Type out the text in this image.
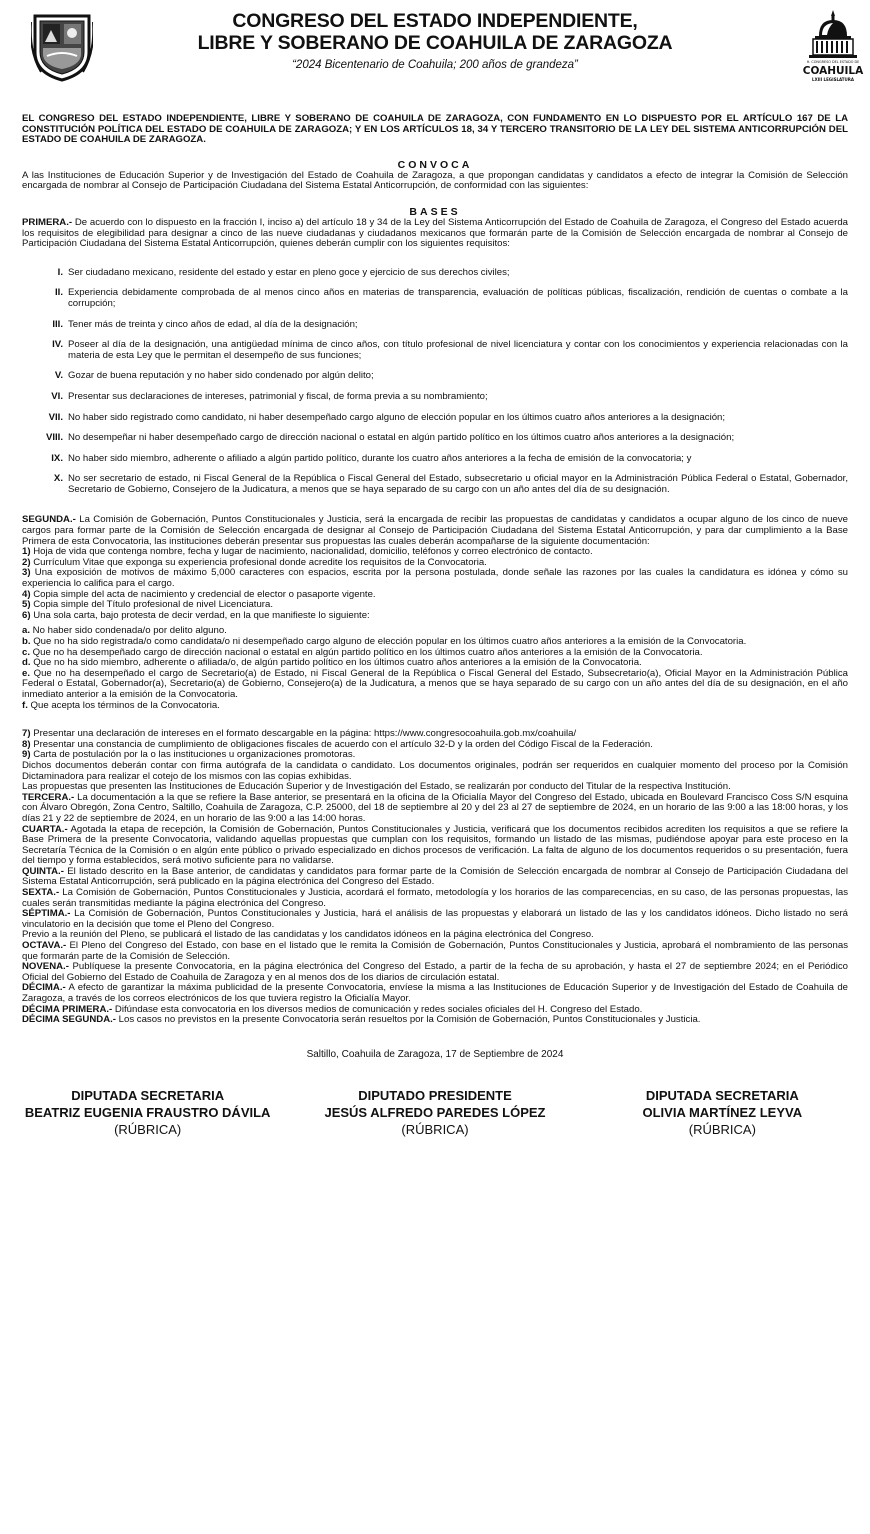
CONGRESO DEL ESTADO INDEPENDIENTE,
LIBRE Y SOBERANO DE COAHUILA DE ZARAGOZA
“2024 Bicentenario de Coahuila; 200 años de grandeza”	H. CONGRESO DEL ESTADO DE
COAHUILA
LXIII LEGISLATURA
EL CONGRESO DEL ESTADO INDEPENDIENTE, LIBRE Y SOBERANO DE COAHUILA DE ZARAGOZA, CON FUNDAMENTO EN LO DISPUESTO POR EL ARTÍCULO 167 DE LA CONSTITUCIÓN POLÍTICA DEL ESTADO DE COAHUILA DE ZARAGOZA; Y EN LOS ARTÍCULOS 18, 34 Y TERCERO TRANSITORIO DE LA LEY DEL SISTEMA ANTICORRUPCIÓN DEL ESTADO DE COAHUILA DE ZARAGOZA.
CONVOCA

A las Instituciones de Educación Superior y de Investigación del Estado de Coahuila de Zaragoza, a que propongan candidatas y candidatos a efecto de integrar la Comisión de Selección encargada de nombrar al Consejo de Participación Ciudadana del Sistema Estatal Anticorrupción, de conformidad con las siguientes:

BASES

PRIMERA.- De acuerdo con lo dispuesto en la fracción I, inciso a) del artículo 18 y 34 de la Ley del Sistema Anticorrupción del Estado de Coahuila de Zaragoza, el Congreso del Estado acuerda los requisitos de elegibilidad para designar a cinco de las nueve ciudadanas y ciudadanos mexicanos que formarán parte de la Comisión de Selección encargada de nombrar al Consejo de Participación Ciudadana del Sistema Estatal Anticorrupción, quienes deberán cumplir con los siguientes requisitos:

I. Ser ciudadano mexicano, residente del estado y estar en pleno goce y ejercicio de sus derechos civiles;
II. Experiencia debidamente comprobada de al menos cinco años en materias de transparencia, evaluación de políticas públicas, fiscalización, rendición de cuentas o combate a la corrupción;
III. Tener más de treinta y cinco años de edad, al día de la designación;
IV. Poseer al día de la designación, una antigüedad mínima de cinco años, con título profesional de nivel licenciatura y contar con los conocimientos y experiencia relacionadas con la materia de esta Ley que le permitan el desempeño de sus funciones;
V. Gozar de buena reputación y no haber sido condenado por algún delito;
VI. Presentar sus declaraciones de intereses, patrimonial y fiscal, de forma previa a su nombramiento;
VII. No haber sido registrado como candidato, ni haber desempeñado cargo alguno de elección popular en los últimos cuatro años anteriores a la designación;
VIII. No desempeñar ni haber desempeñado cargo de dirección nacional o estatal en algún partido político en los últimos cuatro años anteriores a la designación;
IX. No haber sido miembro, adherente o afiliado a algún partido político, durante los cuatro años anteriores a la fecha de emisión de la convocatoria; y
X. No ser secretario de estado, ni Fiscal General de la República o Fiscal General del Estado, subsecretario u oficial mayor en la Administración Pública Federal o Estatal, Gobernador, Secretario de Gobierno, Consejero de la Judicatura, a menos que se haya separado de su cargo con un año antes del día de su designación.

SEGUNDA.- La Comisión de Gobernación, Puntos Constitucionales y Justicia, será la encargada de recibir las propuestas de candidatas y candidatos a ocupar alguno de los cinco de nueve cargos para formar parte de la Comisión de Selección encargada de designar al Consejo de Participación Ciudadana del Sistema Estatal Anticorrupción, y para dar cumplimiento a la Base Primera de esta Convocatoria, las instituciones deberán presentar sus propuestas las cuales deberán acompañarse de la siguiente documentación:

1) Hoja de vida que contenga nombre, fecha y lugar de nacimiento, nacionalidad, domicilio, teléfonos y correo electrónico de contacto.

2) Currículum Vitae que exponga su experiencia profesional donde acredite los requisitos de la Convocatoria.

3) Una exposición de motivos de máximo 5,000 caracteres con espacios, escrita por la persona postulada, donde señale las razones por las cuales la candidatura es idónea y cómo su experiencia lo califica para el cargo.

4) Copia simple del acta de nacimiento y credencial de elector o pasaporte vigente.

5) Copia simple del Título profesional de nivel Licenciatura.

6) Una sola carta, bajo protesta de decir verdad, en la que manifieste lo siguiente:

a. No haber sido condenada/o por delito alguno.

b. Que no ha sido registrada/o como candidata/o ni desempeñado cargo alguno de elección popular en los últimos cuatro años anteriores a la emisión de la Convocatoria.

c. Que no ha desempeñado cargo de dirección nacional o estatal en algún partido político en los últimos cuatro años anteriores a la emisión de la Convocatoria.

d. Que no ha sido miembro, adherente o afiliada/o, de algún partido político en los últimos cuatro años anteriores a la emisión de la Convocatoria.

e. Que no ha desempeñado el cargo de Secretario(a) de Estado, ni Fiscal General de la República o Fiscal General del Estado, Subsecretario(a), Oficial Mayor en la Administración Pública Federal o Estatal, Gobernador(a), Secretario(a) de Gobierno, Consejero(a) de la Judicatura, a menos que se haya separado de su cargo con un año antes del día de su designación, en el año inmediato anterior a la emisión de la Convocatoria.

f. Que acepta los términos de la Convocatoria.

7) Presentar una declaración de intereses en el formato descargable en la página: https://www.congresocoahuila.gob.mx/coahuila/

8) Presentar una constancia de cumplimiento de obligaciones fiscales de acuerdo con el artículo 32-D y la orden del Código Fiscal de la Federación.

9) Carta de postulación por la o las instituciones u organizaciones promotoras.

Dichos documentos deberán contar con firma autógrafa de la candidata o candidato. Los documentos originales, podrán ser requeridos en cualquier momento del proceso por la Comisión Dictaminadora para realizar el cotejo de los mismos con las copias exhibidas.

Las propuestas que presenten las Instituciones de Educación Superior y de Investigación del Estado, se realizarán por conducto del Titular de la respectiva Institución.

TERCERA.- La documentación a la que se refiere la Base anterior, se presentará en la oficina de la Oficialía Mayor del Congreso del Estado, ubicada en Boulevard Francisco Coss S/N esquina con Álvaro Obregón, Zona Centro, Saltillo, Coahuila de Zaragoza, C.P. 25000, del 18 de septiembre al 20 y del 23 al 27 de septiembre de 2024, en un horario de las 9:00 a las 18:00 horas, y los días 21 y 22 de septiembre de 2024, en un horario de las 9:00 a las 14:00 horas.

CUARTA.- Agotada la etapa de recepción, la Comisión de Gobernación, Puntos Constitucionales y Justicia, verificará que los documentos recibidos acrediten los requisitos a que se refiere la Base Primera de la presente Convocatoria, validando aquellas propuestas que cumplan con los requisitos, formando un listado de las mismas, pudiéndose apoyar para este proceso en la Secretaría Técnica de la Comisión o en algún ente público o privado especializado en dichos procesos de verificación. La falta de alguno de los documentos requeridos o su presentación, fuera del tiempo y forma establecidos, será motivo suficiente para no validarse.

QUINTA.- El listado descrito en la Base anterior, de candidatas y candidatos para formar parte de la Comisión de Selección encargada de nombrar al Consejo de Participación Ciudadana del Sistema Estatal Anticorrupción, será publicado en la página electrónica del Congreso del Estado.

SEXTA.- La Comisión de Gobernación, Puntos Constitucionales y Justicia, acordará el formato, metodología y los horarios de las comparecencias, en su caso, de las personas propuestas, las cuales serán transmitidas mediante la página electrónica del Congreso.

SÉPTIMA.- La Comisión de Gobernación, Puntos Constitucionales y Justicia, hará el análisis de las propuestas y elaborará un listado de las y los candidatos idóneos. Dicho listado no será vinculatorio en la decisión que tome el Pleno del Congreso.

Previo a la reunión del Pleno, se publicará el listado de las candidatas y los candidatos idóneos en la página electrónica del Congreso.

OCTAVA.- El Pleno del Congreso del Estado, con base en el listado que le remita la Comisión de Gobernación, Puntos Constitucionales y Justicia, aprobará el nombramiento de las personas que formarán parte de la Comisión de Selección.

NOVENA.- Publíquese la presente Convocatoria, en la página electrónica del Congreso del Estado, a partir de la fecha de su aprobación, y hasta el 27 de septiembre 2024; en el Periódico Oficial del Gobierno del Estado de Coahuila de Zaragoza y en al menos dos de los diarios de circulación estatal.

DÉCIMA.- A efecto de garantizar la máxima publicidad de la presente Convocatoria, envíese la misma a las Instituciones de Educación Superior y de Investigación del Estado de Coahuila de Zaragoza, a través de los correos electrónicos de los que tuviera registro la Oficialía Mayor.

DÉCIMA PRIMERA.- Difúndase esta convocatoria en los diversos medios de comunicación y redes sociales oficiales del H. Congreso del Estado.

DÉCIMA SEGUNDA.- Los casos no previstos en la presente Convocatoria serán resueltos por la Comisión de Gobernación, Puntos Constitucionales y Justicia.

Saltillo, Coahuila de Zaragoza, 17 de Septiembre de 2024
DIPUTADA SECRETARIA
BEATRIZ EUGENIA FRAUSTRO DÁVILA
(RÚBRICA)
DIPUTADO PRESIDENTE
JESÚS ALFREDO PAREDES LÓPEZ
(RÚBRICA)
DIPUTADA SECRETARIA
OLIVIA MARTÍNEZ LEYVA
(RÚBRICA)
